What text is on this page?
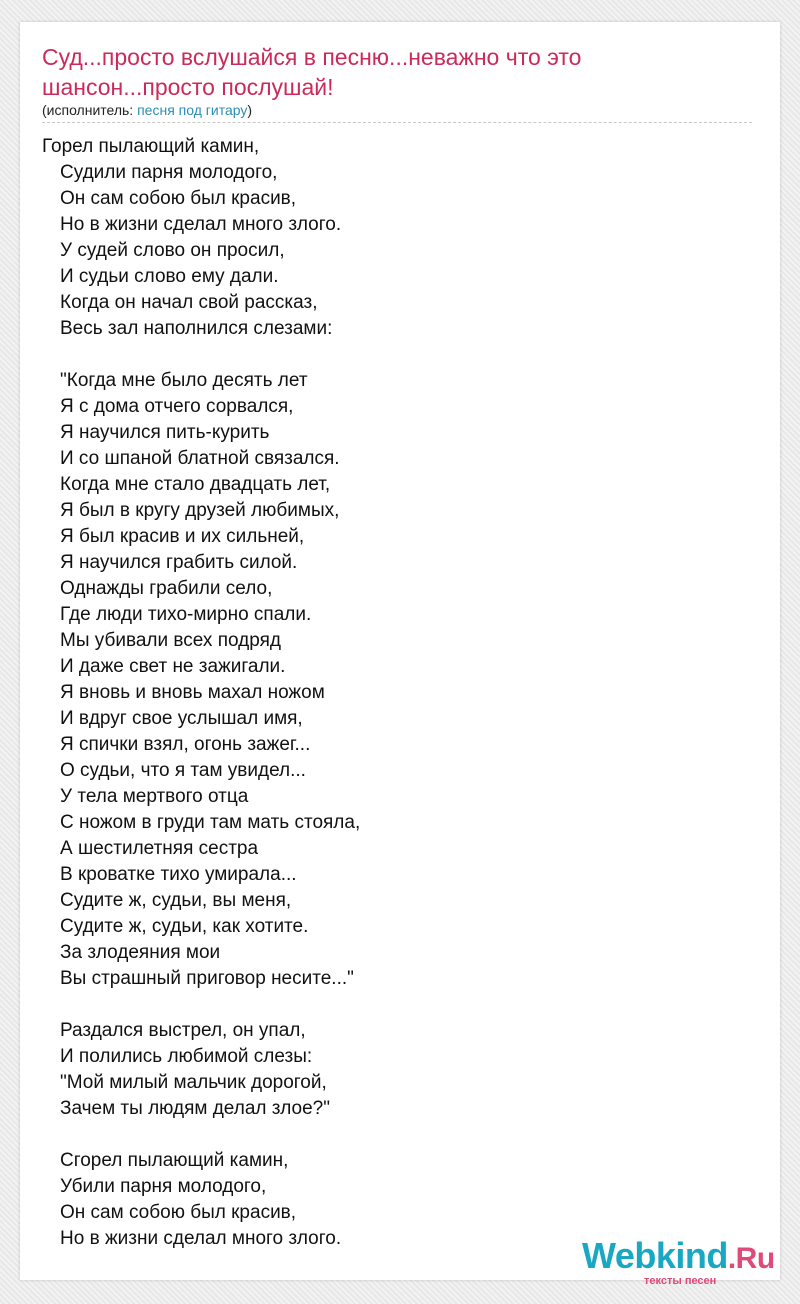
Суд...просто вслушайся в песню...неважно что это шансон...просто послушай!
(исполнитель: песня под гитару)
Горел пылающий камин,
Судили парня молодого,
Он сам собою был красив,
Но в жизни сделал много злого.
У судей слово он просил,
И судьи слово ему дали.
Когда он начал свой рассказ,
Весь зал наполнился слезами:
"Когда мне было десять лет
Я с дома отчего сорвался,
Я научился пить-курить
И со шпаной блатной связался.
Когда мне стало двадцать лет,
Я был в кругу друзей любимых,
Я был красив и их сильней,
Я научился грабить силой.
Однажды грабили село,
Где люди тихо-мирно спали.
Мы убивали всех подряд
И даже свет не зажигали.
Я вновь и вновь махал ножом
И вдруг свое услышал имя,
Я спички взял, огонь зажег...
О судьи, что я там увидел...
У тела мертвого отца
С ножом в груди там мать стояла,
А шестилетняя сестра
В кроватке тихо умирала...
Судите ж, судьи, вы меня,
Судите ж, судьи, как хотите.
За злодеяния мои
Вы страшный приговор несите..."
Раздался выстрел, он упал,
И полились любимой слезы:
"Мой милый мальчик дорогой,
Зачем ты людям делал злое?"
Сгорел пылающий камин,
Убили парня молодого,
Он сам собою был красив,
Но в жизни сделал много злого.	Webkind.Ru
тексты песен
